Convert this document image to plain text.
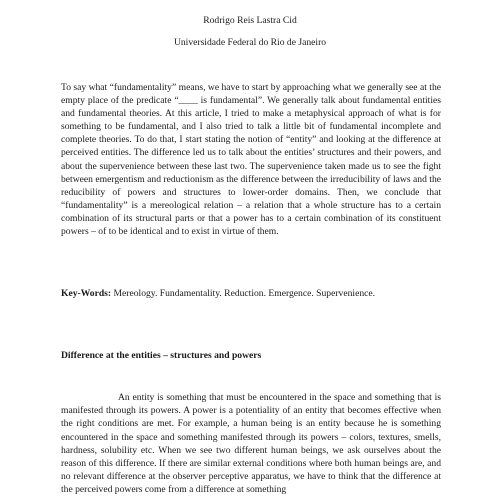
Rodrigo Reis Lastra Cid
Universidade Federal do Rio de Janeiro

To say what “fundamentality” means, we have to start by approaching what we generally see at the empty place of the predicate “____ is fundamental”. We generally talk about fundamental entities and fundamental theories. At this article, I tried to make a metaphysical approach of what is for something to be fundamental, and I also tried to talk a little bit of fundamental incomplete and complete theories. To do that, I start stating the notion of “entity” and looking at the difference at perceived entities. The difference led us to talk about the entities’ structures and their powers, and about the supervenience between these last two. The supervenience taken made us to see the fight between emergentism and reductionism as the difference between the irreducibility of laws and the reducibility of powers and structures to lower-order domains. Then, we conclude that “fundamentality” is a mereological relation – a relation that a whole structure has to a certain combination of its structural parts or that a power has to a certain combination of its constituent powers – of to be identical and to exist in virtue of them.

Key-Words: Mereology. Fundamentality. Reduction. Emergence. Supervenience.

Difference at the entities – structures and powers

An entity is something that must be encountered in the space and something that is manifested through its powers. A power is a potentiality of an entity that becomes effective when the right conditions are met. For example, a human being is an entity because he is something encountered in the space and something manifested through its powers – colors, textures, smells, hardness, solubility etc. When we see two different human beings, we ask ourselves about the reason of this difference. If there are similar external conditions where both human beings are, and no relevant difference at the observer perceptive apparatus, we have to think that the difference at the perceived powers come from a difference at something
